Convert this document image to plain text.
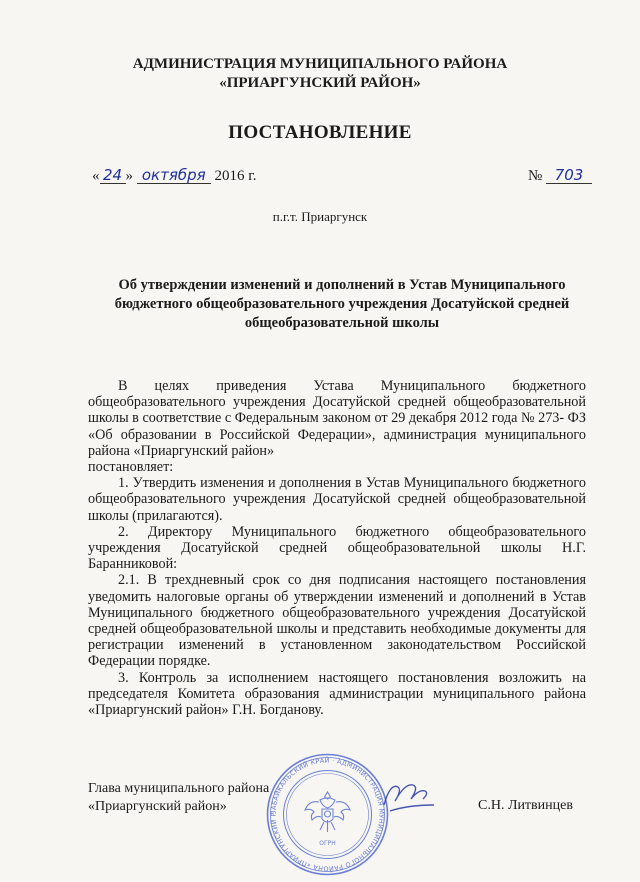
АДМИНИСТРАЦИЯ МУНИЦИПАЛЬНОГО РАЙОНА
«ПРИАРГУНСКИЙ РАЙОН»
ПОСТАНОВЛЕНИЕ
« 24 » октября 2016 г.	№ 703
п.г.т. Приаргунск
Об утверждении изменений и дополнений в Устав Муниципального бюджетного общеобразовательного учреждения Досатуйской средней общеобразовательной школы

В целях приведения Устава Муниципального бюджетного общеобразовательного учреждения Досатуйской средней общеобразовательной школы в соответствие с Федеральным законом от 29 декабря 2012 года № 273- ФЗ «Об образовании в Российской Федерации», администрация муниципального района «Приаргунский район»

постановляет:

1. Утвердить изменения и дополнения в Устав Муниципального бюджетного общеобразовательного учреждения Досатуйской средней общеобразовательной школы (прилагаются).

2. Директору Муниципального бюджетного общеобразовательного учреждения Досатуйской средней общеобразовательной школы Н.Г. Баранниковой:

2.1. В трехдневный срок со дня подписания настоящего постановления уведомить налоговые органы об утверждении изменений и дополнений в Устав Муниципального бюджетного общеобразовательного учреждения Досатуйской средней общеобразовательной школы и представить необходимые документы для регистрации изменений в установленном законодательством Российской Федерации порядке.

3. Контроль за исполнением настоящего постановления возложить на председателя Комитета образования администрации муниципального района «Приаргунский район» Г.Н. Богданову.

Глава муниципального района
«Приаргунский район»	ЗАБАЙКАЛЬСКИЙ КРАЙ · АДМИНИСТРАЦИЯ МУНИЦИПАЛЬНОГО РАЙОНА «ПРИАРГУНСКИЙ Р
ОГРН
С.Н. Литвинцев
